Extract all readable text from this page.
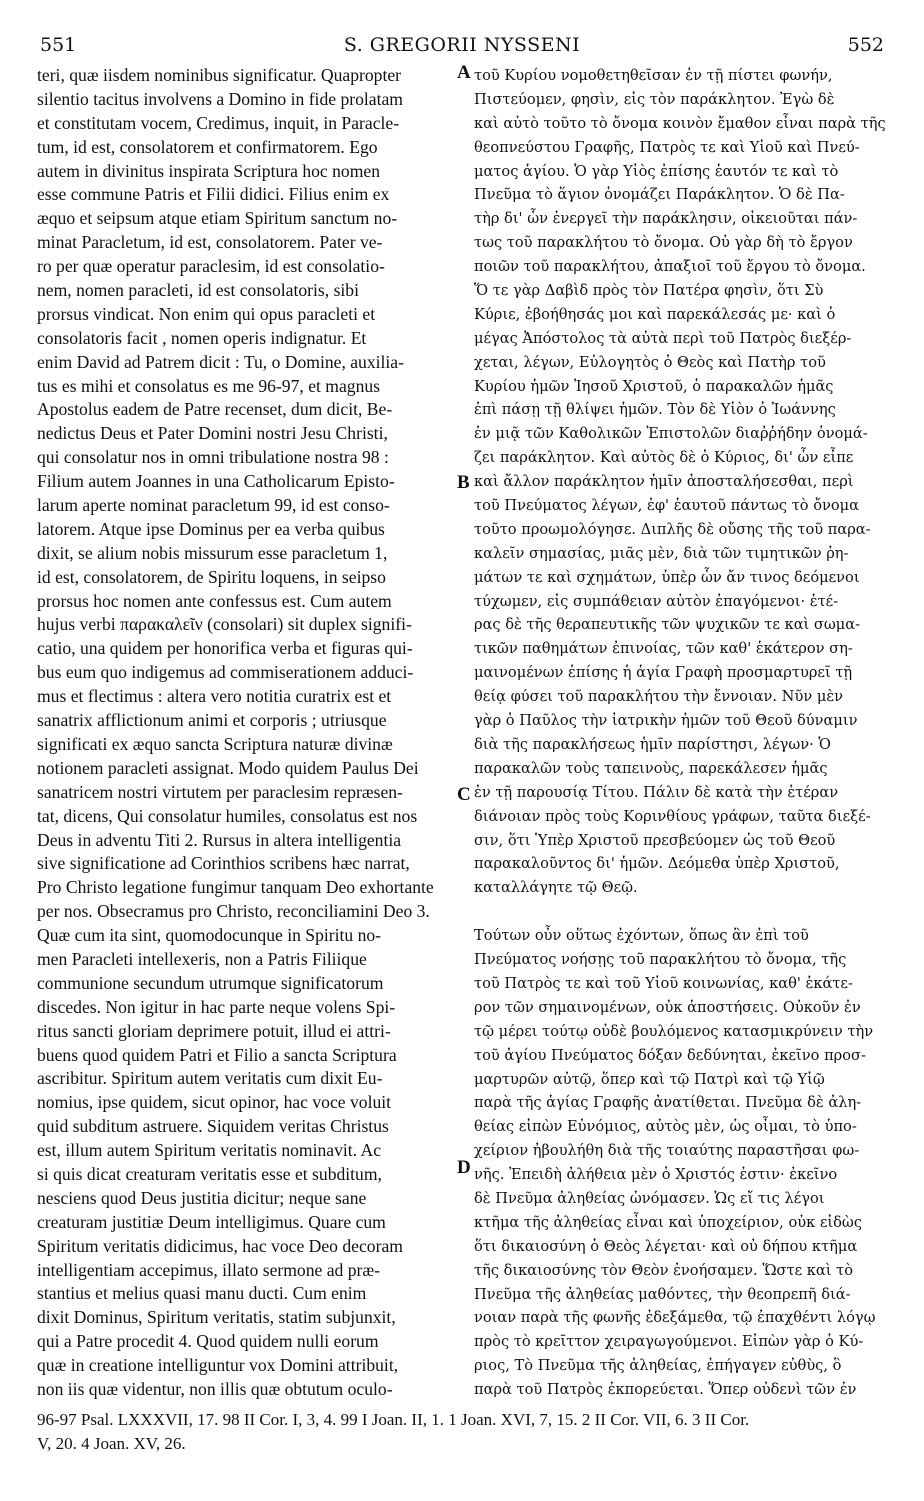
551	S. GREGORII NYSSENI	552
teri, quæ iisdem nominibus significatur. Quapropter
silentio tacitus involvens a Domino in fide prolatam
et constitutam vocem, Credimus, inquit, in Paracle-
tum, id est, consolatorem et confirmatorem. Ego
autem in divinitus inspirata Scriptura hoc nomen
esse commune Patris et Filii didici. Filius enim ex
æquo et seipsum atque etiam Spiritum sanctum no-
minat Paracletum, id est, consolatorem. Pater ve-
ro per quæ operatur paraclesim, id est consolatio-
nem, nomen paracleti, id est consolatoris, sibi
prorsus vindicat. Non enim qui opus paracleti et
consolatoris facit , nomen operis indignatur. Et
enim David ad Patrem dicit : Tu, o Domine, auxilia-
tus es mihi et consolatus es me 96-97, et magnus
Apostolus eadem de Patre recenset, dum dicit, Be-
nedictus Deus et Pater Domini nostri Jesu Christi,
qui consolatur nos in omni tribulatione nostra 98 :
Filium autem Joannes in una Catholicarum Episto-
larum aperte nominat paracletum 99, id est conso-
latorem. Atque ipse Dominus per ea verba quibus
dixit, se alium nobis missurum esse paracletum 1,
id est, consolatorem, de Spiritu loquens, in seipso
prorsus hoc nomen ante confessus est. Cum autem
hujus verbi παρακαλεῖν (consolari) sit duplex signifi-
catio, una quidem per honorifica verba et figuras qui-
bus eum quo indigemus ad commiserationem adduci-
mus et flectimus : altera vero notitia curatrix est et
sanatrix afflictionum animi et corporis ; utriusque
significati ex æquo sancta Scriptura naturæ divinæ
notionem paracleti assignat. Modo quidem Paulus Dei
sanatricem nostri virtutem per paraclesim repræsen-
tat, dicens, Qui consolatur humiles, consolatus est nos
Deus in adventu Titi 2. Rursus in altera intelligentia
sive significatione ad Corinthios scribens hæc narrat,
Pro Christo legatione fungimur tanquam Deo exhortante
per nos. Obsecramus pro Christo, reconciliamini Deo 3.
Quæ cum ita sint, quomodocunque in Spiritu no-
men Paracleti intellexeris, non a Patris Filiique
communione secundum utrumque significatorum
discedes. Non igitur in hac parte neque volens Spi-
ritus sancti gloriam deprimere potuit, illud ei attri-
buens quod quidem Patri et Filio a sancta Scriptura
ascribitur. Spiritum autem veritatis cum dixit Eu-
nomius, ipse quidem, sicut opinor, hac voce voluit
quid subditum astruere. Siquidem veritas Christus
est, illum autem Spiritum veritatis nominavit. Ac
si quis dicat creaturam veritatis esse et subditum,
nesciens quod Deus justitia dicitur; neque sane
creaturam justitiæ Deum intelligimus. Quare cum
Spiritum veritatis didicimus, hac voce Deo decoram
intelligentiam accepimus, illato sermone ad præ-
stantius et melius quasi manu ducti. Cum enim
dixit Dominus, Spiritum veritatis, statim subjunxit,
qui a Patre procedit 4. Quod quidem nulli eorum
quæ in creatione intelliguntur vox Domini attribuit,
non iis quæ videntur, non illis quæ obtutum oculo-
τοῦ Κυρίου νομοθετηθεῖσαν ἐν τῇ πίστει φωνήν,
Πιστεύομεν, φησὶν, εἰς τὸν παράκλητον. Ἐγὼ δὲ
καὶ αὐτὸ τοῦτο τὸ ὄνομα κοινὸν ἔμαθον εἶναι παρὰ τῆς
θεοπνεύστου Γραφῆς, Πατρὸς τε καὶ Υἱοῦ καὶ Πνεύ-
ματος ἁγίου. Ὁ γὰρ Υἱὸς ἐπίσης ἑαυτόν τε καὶ τὸ
Πνεῦμα τὸ ἅγιον ὀνομάζει Παράκλητον. Ὁ δὲ Πα-
τὴρ δι' ὧν ἐνεργεῖ τὴν παράκλησιν, οἰκειοῦται πάν-
τως τοῦ παρακλήτου τὸ ὄνομα. Οὐ γὰρ δὴ τὸ ἔργον
ποιῶν τοῦ παρακλήτου, ἀπαξιοῖ τοῦ ἔργου τὸ ὄνομα.
Ὅ τε γὰρ Δαβὶδ πρὸς τὸν Πατέρα φησὶν, ὅτι Σὺ
Κύριε, ἐβοήθησάς μοι καὶ παρεκάλεσάς με· καὶ ὁ
μέγας Ἀπόστολος τὰ αὐτὰ περὶ τοῦ Πατρὸς διεξέρ-
χεται, λέγων, Εὐλογητὸς ὁ Θεὸς καὶ Πατὴρ τοῦ
Κυρίου ἡμῶν Ἰησοῦ Χριστοῦ, ὁ παρακαλῶν ἡμᾶς
ἐπὶ πάσῃ τῇ θλίψει ἡμῶν. Τὸν δὲ Υἱὸν ὁ Ἰωάννης
ἐν μιᾷ τῶν Καθολικῶν Ἐπιστολῶν διαῤῥήδην ὀνομά-
ζει παράκλητον. Καὶ αὐτὸς δὲ ὁ Κύριος, δι' ὧν εἶπε
καὶ ἄλλον παράκλητον ἡμῖν ἀποσταλήσεσθαι, περὶ
τοῦ Πνεύματος λέγων, ἐφ' ἑαυτοῦ πάντως τὸ ὄνομα
τοῦτο προωμολόγησε. Διπλῆς δὲ οὔσης τῆς τοῦ παρα-
καλεῖν σημασίας, μιᾶς μὲν, διὰ τῶν τιμητικῶν ῥη-
μάτων τε καὶ σχημάτων, ὑπὲρ ὧν ἄν τινος δεόμενοι
τύχωμεν, εἰς συμπάθειαν αὐτὸν ἐπαγόμενοι· ἑτέ-
ρας δὲ τῆς θεραπευτικῆς τῶν ψυχικῶν τε καὶ σωμα-
τικῶν παθημάτων ἐπινοίας, τῶν καθ' ἑκάτερον ση-
μαινομένων ἐπίσης ἡ ἁγία Γραφὴ προσμαρτυρεῖ τῇ
θείᾳ φύσει τοῦ παρακλήτου τὴν ἔννοιαν. Νῦν μὲν
γὰρ ὁ Παῦλος τὴν ἰατρικὴν ἡμῶν τοῦ Θεοῦ δύναμιν
διὰ τῆς παρακλήσεως ἡμῖν παρίστησι, λέγων· Ὁ
παρακαλῶν τοὺς ταπεινοὺς, παρεκάλεσεν ἡμᾶς
ἐν τῇ παρουσίᾳ Τίτου. Πάλιν δὲ κατὰ τὴν ἑτέραν
διάνοιαν πρὸς τοὺς Κορινθίους γράφων, ταῦτα διεξέ-
σιν, ὅτι Ὑπὲρ Χριστοῦ πρεσβεύομεν ὡς τοῦ Θεοῦ
παρακαλοῦντος δι' ἡμῶν. Δεόμεθα ὑπὲρ Χριστοῦ,
καταλλάγητε τῷ Θεῷ.
Τούτων οὖν οὕτως ἐχόντων, ὅπως ἂν ἐπὶ τοῦ
Πνεύματος νοήσῃς τοῦ παρακλήτου τὸ ὄνομα, τῆς
τοῦ Πατρὸς τε καὶ τοῦ Υἱοῦ κοινωνίας, καθ' ἑκάτε-
ρον τῶν σημαινομένων, οὐκ ἀποστήσεις. Οὐκοῦν ἐν
τῷ μέρει τούτῳ οὐδὲ βουλόμενος κατασμικρύνειν τὴν
τοῦ ἁγίου Πνεύματος δόξαν δεδύνηται, ἐκεῖνο προσ-
μαρτυρῶν αὐτῷ, ὅπερ καὶ τῷ Πατρὶ καὶ τῷ Υἱῷ
παρὰ τῆς ἁγίας Γραφῆς ἀνατίθεται. Πνεῦμα δὲ ἀλη-
θείας εἰπὼν Εὐνόμιος, αὐτὸς μὲν, ὡς οἶμαι, τὸ ὑπο-
χείριον ἠβουλήθη διὰ τῆς τοιαύτης παραστῆσαι φω-
νῆς. Ἐπειδὴ ἀλήθεια μὲν ὁ Χριστός ἐστιν· ἐκεῖνο
δὲ Πνεῦμα ἀληθείας ὠνόμασεν. Ὡς εἴ τις λέγοι
κτῆμα τῆς ἀληθείας εἶναι καὶ ὑποχείριον, οὐκ εἰδὼς
ὅτι δικαιοσύνη ὁ Θεὸς λέγεται· καὶ οὐ δήπου κτῆμα
τῆς δικαιοσύνης τὸν Θεὸν ἐνοήσαμεν. Ὥστε καὶ τὸ
Πνεῦμα τῆς ἀληθείας μαθόντες, τὴν θεοπρεπῆ διά-
νοιαν παρὰ τῆς φωνῆς ἐδεξάμεθα, τῷ ἐπαχθέντι λόγῳ
πρὸς τὸ κρεῖττον χειραγωγούμενοι. Εἰπὼν γὰρ ὁ Κύ-
ριος, Τὸ Πνεῦμα τῆς ἀληθείας, ἐπήγαγεν εὐθὺς, ὃ
παρὰ τοῦ Πατρὸς ἐκπορεύεται. Ὅπερ οὐδενὶ τῶν ἐν
A
B
C
D
96-97 Psal. LXXXVII, 17. 98 II Cor. I, 3, 4. 99 I Joan. II, 1. 1 Joan. XVI, 7, 15. 2 II Cor. VII, 6. 3 II Cor.
V, 20. 4 Joan. XV, 26.
